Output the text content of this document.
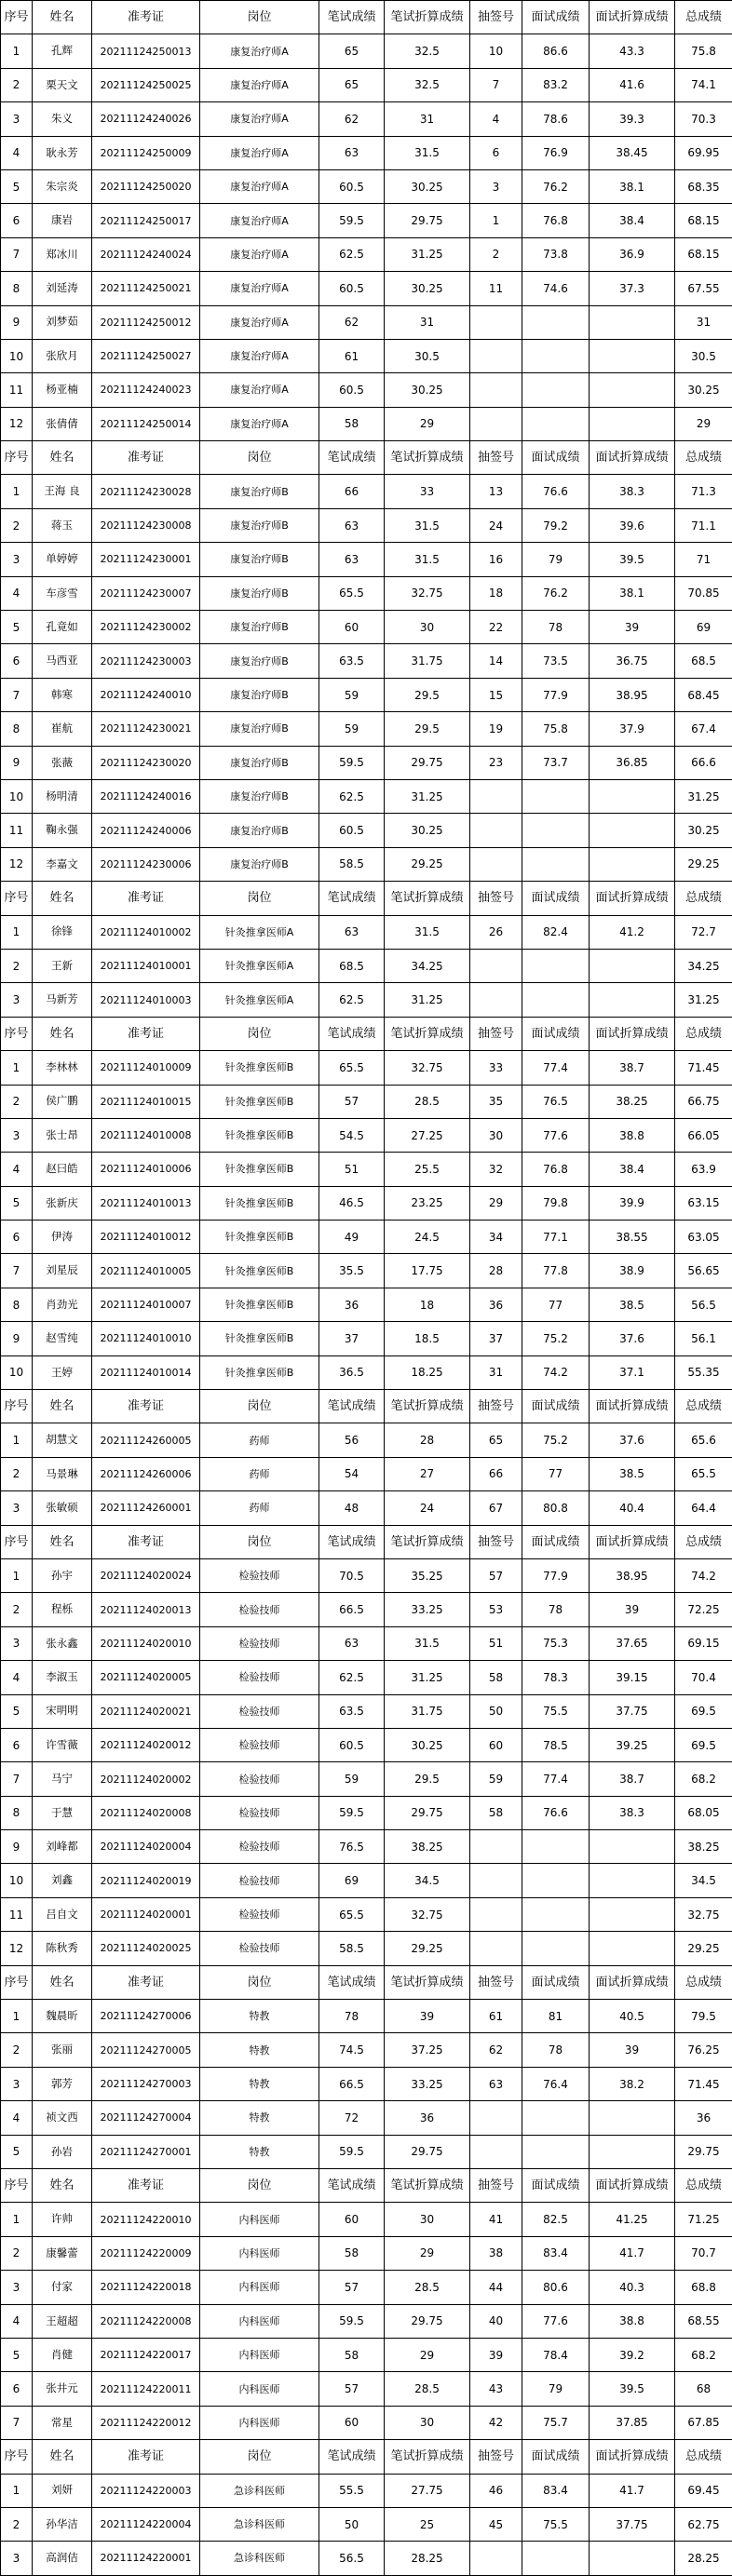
序号	姓名	准考证	岗位	笔试成绩	笔试折算成绩	抽签号	面试成绩	面试折算成绩	总成绩
1	孔辉	20211124250013	康复治疗师A	65	32.5	10	86.6	43.3	75.8
2	栗天文	20211124250025	康复治疗师A	65	32.5	7	83.2	41.6	74.1
3	朱义	20211124240026	康复治疗师A	62	31	4	78.6	39.3	70.3
4	耿永芳	20211124250009	康复治疗师A	63	31.5	6	76.9	38.45	69.95
5	朱宗炎	20211124250020	康复治疗师A	60.5	30.25	3	76.2	38.1	68.35
6	康岩	20211124250017	康复治疗师A	59.5	29.75	1	76.8	38.4	68.15
7	郑冰川	20211124240024	康复治疗师A	62.5	31.25	2	73.8	36.9	68.15
8	刘延涛	20211124250021	康复治疗师A	60.5	30.25	11	74.6	37.3	67.55
9	刘梦茹	20211124250012	康复治疗师A	62	31				31
10	张欣月	20211124250027	康复治疗师A	61	30.5				30.5
11	杨亚楠	20211124240023	康复治疗师A	60.5	30.25				30.25
12	张倩倩	20211124250014	康复治疗师A	58	29				29
序号	姓名	准考证	岗位	笔试成绩	笔试折算成绩	抽签号	面试成绩	面试折算成绩	总成绩
1	王海 良	20211124230028	康复治疗师B	66	33	13	76.6	38.3	71.3
2	蒋玉	20211124230008	康复治疗师B	63	31.5	24	79.2	39.6	71.1
3	单婷婷	20211124230001	康复治疗师B	63	31.5	16	79	39.5	71
4	车彦雪	20211124230007	康复治疗师B	65.5	32.75	18	76.2	38.1	70.85
5	孔竟如	20211124230002	康复治疗师B	60	30	22	78	39	69
6	马西亚	20211124230003	康复治疗师B	63.5	31.75	14	73.5	36.75	68.5
7	韩寒	20211124240010	康复治疗师B	59	29.5	15	77.9	38.95	68.45
8	崔航	20211124230021	康复治疗师B	59	29.5	19	75.8	37.9	67.4
9	张薇	20211124230020	康复治疗师B	59.5	29.75	23	73.7	36.85	66.6
10	杨明清	20211124240016	康复治疗师B	62.5	31.25				31.25
11	鞠永强	20211124240006	康复治疗师B	60.5	30.25				30.25
12	李嘉文	20211124230006	康复治疗师B	58.5	29.25				29.25
序号	姓名	准考证	岗位	笔试成绩	笔试折算成绩	抽签号	面试成绩	面试折算成绩	总成绩
1	徐锋	20211124010002	针灸推拿医师A	63	31.5	26	82.4	41.2	72.7
2	王新	20211124010001	针灸推拿医师A	68.5	34.25				34.25
3	马新芳	20211124010003	针灸推拿医师A	62.5	31.25				31.25
序号	姓名	准考证	岗位	笔试成绩	笔试折算成绩	抽签号	面试成绩	面试折算成绩	总成绩
1	李林林	20211124010009	针灸推拿医师B	65.5	32.75	33	77.4	38.7	71.45
2	侯广鹏	20211124010015	针灸推拿医师B	57	28.5	35	76.5	38.25	66.75
3	张士昂	20211124010008	针灸推拿医师B	54.5	27.25	30	77.6	38.8	66.05
4	赵曰皓	20211124010006	针灸推拿医师B	51	25.5	32	76.8	38.4	63.9
5	张新庆	20211124010013	针灸推拿医师B	46.5	23.25	29	79.8	39.9	63.15
6	伊涛	20211124010012	针灸推拿医师B	49	24.5	34	77.1	38.55	63.05
7	刘星辰	20211124010005	针灸推拿医师B	35.5	17.75	28	77.8	38.9	56.65
8	肖劲光	20211124010007	针灸推拿医师B	36	18	36	77	38.5	56.5
9	赵雪纯	20211124010010	针灸推拿医师B	37	18.5	37	75.2	37.6	56.1
10	王婷	20211124010014	针灸推拿医师B	36.5	18.25	31	74.2	37.1	55.35
序号	姓名	准考证	岗位	笔试成绩	笔试折算成绩	抽签号	面试成绩	面试折算成绩	总成绩
1	胡慧文	20211124260005	药师	56	28	65	75.2	37.6	65.6
2	马景琳	20211124260006	药师	54	27	66	77	38.5	65.5
3	张敏硕	20211124260001	药师	48	24	67	80.8	40.4	64.4
序号	姓名	准考证	岗位	笔试成绩	笔试折算成绩	抽签号	面试成绩	面试折算成绩	总成绩
1	孙宇	20211124020024	检验技师	70.5	35.25	57	77.9	38.95	74.2
2	程栎	20211124020013	检验技师	66.5	33.25	53	78	39	72.25
3	张永鑫	20211124020010	检验技师	63	31.5	51	75.3	37.65	69.15
4	李淑玉	20211124020005	检验技师	62.5	31.25	58	78.3	39.15	70.4
5	宋明明	20211124020021	检验技师	63.5	31.75	50	75.5	37.75	69.5
6	许雪薇	20211124020012	检验技师	60.5	30.25	60	78.5	39.25	69.5
7	马宁	20211124020002	检验技师	59	29.5	59	77.4	38.7	68.2
8	于慧	20211124020008	检验技师	59.5	29.75	58	76.6	38.3	68.05
9	刘峰都	20211124020004	检验技师	76.5	38.25				38.25
10	刘鑫	20211124020019	检验技师	69	34.5				34.5
11	吕自文	20211124020001	检验技师	65.5	32.75				32.75
12	陈秋秀	20211124020025	检验技师	58.5	29.25				29.25
序号	姓名	准考证	岗位	笔试成绩	笔试折算成绩	抽签号	面试成绩	面试折算成绩	总成绩
1	魏晨昕	20211124270006	特教	78	39	61	81	40.5	79.5
2	张丽	20211124270005	特教	74.5	37.25	62	78	39	76.25
3	郭芳	20211124270003	特教	66.5	33.25	63	76.4	38.2	71.45
4	祯文西	20211124270004	特教	72	36				36
5	孙岩	20211124270001	特教	59.5	29.75				29.75
序号	姓名	准考证	岗位	笔试成绩	笔试折算成绩	抽签号	面试成绩	面试折算成绩	总成绩
1	许帅	20211124220010	内科医师	60	30	41	82.5	41.25	71.25
2	康馨蕾	20211124220009	内科医师	58	29	38	83.4	41.7	70.7
3	付家	20211124220018	内科医师	57	28.5	44	80.6	40.3	68.8
4	王超超	20211124220008	内科医师	59.5	29.75	40	77.6	38.8	68.55
5	肖健	20211124220017	内科医师	58	29	39	78.4	39.2	68.2
6	张井元	20211124220011	内科医师	57	28.5	43	79	39.5	68
7	常星	20211124220012	内科医师	60	30	42	75.7	37.85	67.85
序号	姓名	准考证	岗位	笔试成绩	笔试折算成绩	抽签号	面试成绩	面试折算成绩	总成绩
1	刘妍	20211124220003	急诊科医师	55.5	27.75	46	83.4	41.7	69.45
2	孙华洁	20211124220004	急诊科医师	50	25	45	75.5	37.75	62.75
3	高润佶	20211124220001	急诊科医师	56.5	28.25				28.25
